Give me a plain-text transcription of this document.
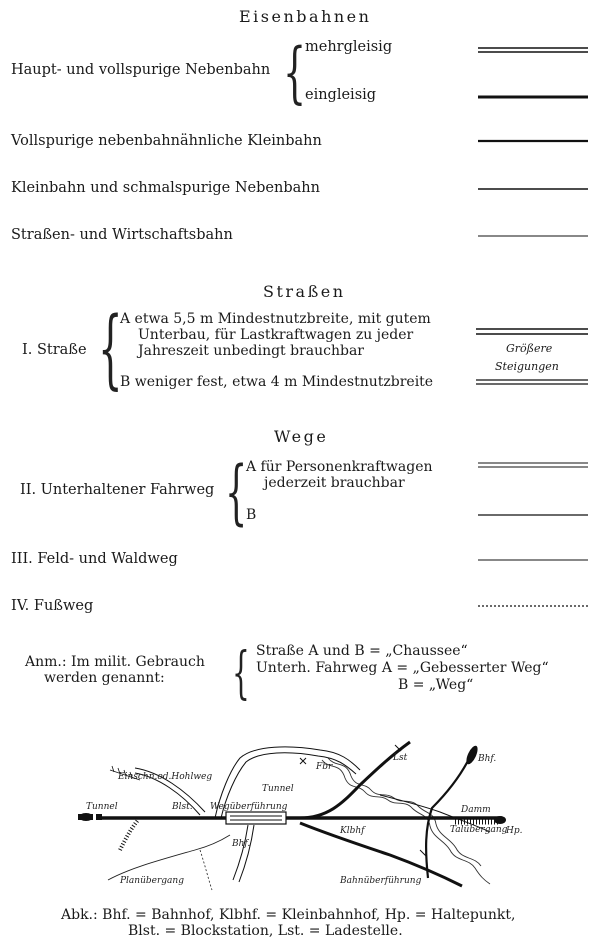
Eisenbahnen
Haupt- und vollspurige Nebenbahn {
mehrgleisig
eingleisig
Vollspurige nebenbahnähnliche Kleinbahn
Kleinbahn und schmalspurige Nebenbahn
Straßen- und Wirtschaftsbahn
Straßen
I. Straße {
A etwa 5,5 m Mindestnutzbreite, mit gutem
Unterbau, für Lastkraftwagen zu jeder
Jahreszeit unbedingt brauchbar
B weniger fest, etwa 4 m Mindestnutzbreite
Größere
Steigungen
Wege
II. Unterhaltener Fahrweg {
A für Personenkraftwagen
jederzeit brauchbar
B
III. Feld- und Waldweg
IV. Fußweg
Anm.: Im milit. Gebrauch
werden genannt: { Straße A und B = „Chaussee“
Unterh. Fahrweg A = „Gebesserter Weg“
B = „Weg“
Einschn.od.Hohlweg
Tunnel	Blst. Wegüberführung
Tunnel
Fbr
Lst	Bhf.
Damm
Klbhf	Talübergang
Hp.
Bhf.
Planübergang	Bahnüberführung
Abk.: Bhf. = Bahnhof, Klbhf. = Kleinbahnhof, Hp. = Haltepunkt,
Blst. = Blockstation, Lst. = Ladestelle.
